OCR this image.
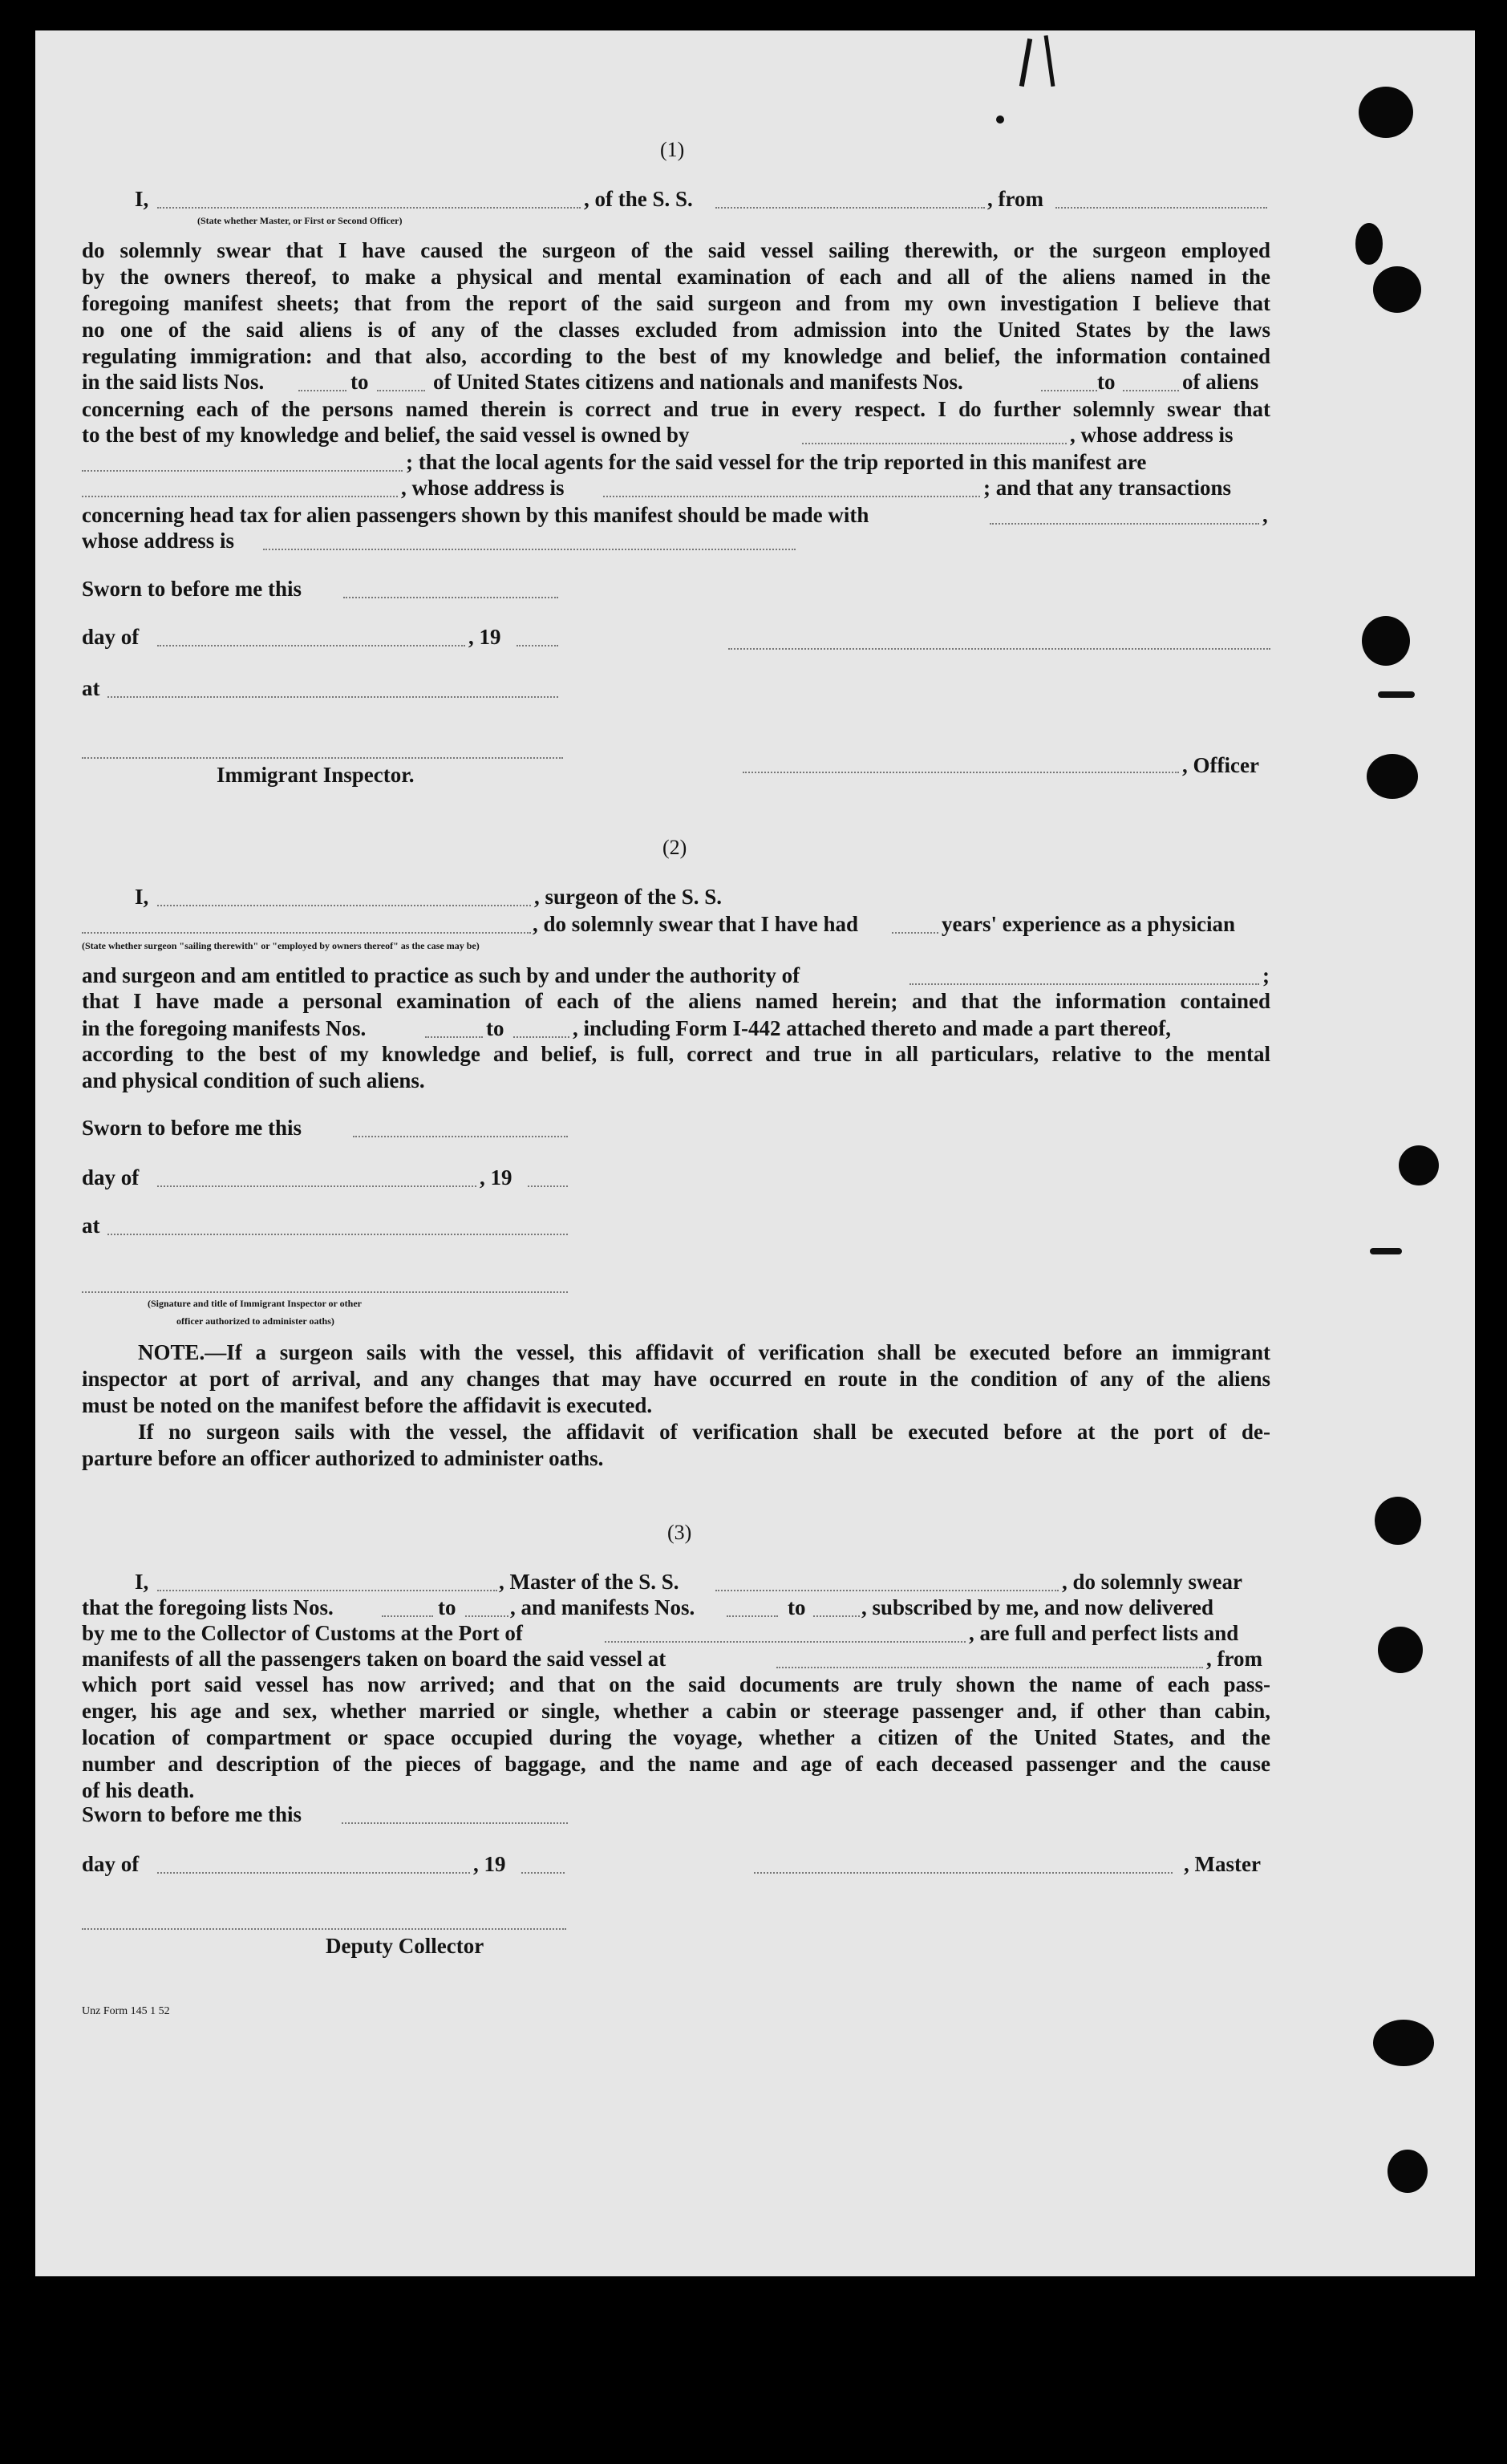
(1)
I,	, of the S. S.	, from
(State whether Master, or First or Second Officer)

do solemnly swear that I have caused the surgeon of the said vessel sailing therewith, or the surgeon employed

by the owners thereof, to make a physical and mental examination of each and all of the aliens named in the

foregoing manifest sheets; that from the report of the said surgeon and from my own investigation I believe that

no one of the said aliens is of any of the classes excluded from admission into the United States by the laws

regulating immigration: and that also, according to the best of my knowledge and belief, the information contained

in the said lists Nos.	to	of United States citizens and nationals and manifests Nos.	to	of aliens

concerning each of the persons named therein is correct and true in every respect. I do further solemnly swear that

to the best of my knowledge and belief, the said vessel is owned by	, whose address is
; that the local agents for the said vessel for the trip reported in this manifest are
, whose address is	; and that any transactions
concerning head tax for alien passengers shown by this manifest should be made with	,
whose address is
Sworn to before me this
day of	, 19
at
Immigrant Inspector.	, Officer
(2)
I,	, surgeon of the S. S.
, do solemnly swear that I have had	years' experience as a physician
(State whether surgeon "sailing therewith" or "employed by owners thereof" as the case may be)
and surgeon and am entitled to practice as such by and under the authority of	;

that I have made a personal examination of each of the aliens named herein; and that the information contained

in the foregoing manifests Nos.	to	, including Form I-442 attached thereto and made a part thereof,

according to the best of my knowledge and belief, is full, correct and true in all particulars, relative to the mental

and physical condition of such aliens.

Sworn to before me this
day of	, 19
at
(Signature and title of Immigrant Inspector or other
officer authorized to administer oaths)

NOTE.—If a surgeon sails with the vessel, this affidavit of verification shall be executed before an immigrant

inspector at port of arrival, and any changes that may have occurred en route in the condition of any of the aliens

must be noted on the manifest before the affidavit is executed.

If no surgeon sails with the vessel, the affidavit of verification shall be executed before at the port of de-

parture before an officer authorized to administer oaths.

(3)
I,	, Master of the S. S.	, do solemnly swear
that the foregoing lists Nos.	to	, and manifests Nos.	to	, subscribed by me, and now delivered
by me to the Collector of Customs at the Port of	, are full and perfect lists and
manifests of all the passengers taken on board the said vessel at	, from

which port said vessel has now arrived; and that on the said documents are truly shown the name of each pass-

enger, his age and sex, whether married or single, whether a cabin or steerage passenger and, if other than cabin,

location of compartment or space occupied during the voyage, whether a citizen of the United States, and the

number and description of the pieces of baggage, and the name and age of each deceased passenger and the cause

of his death.

Sworn to before me this
day of	, 19	, Master
Deputy Collector
Unz Form 145 1 52
